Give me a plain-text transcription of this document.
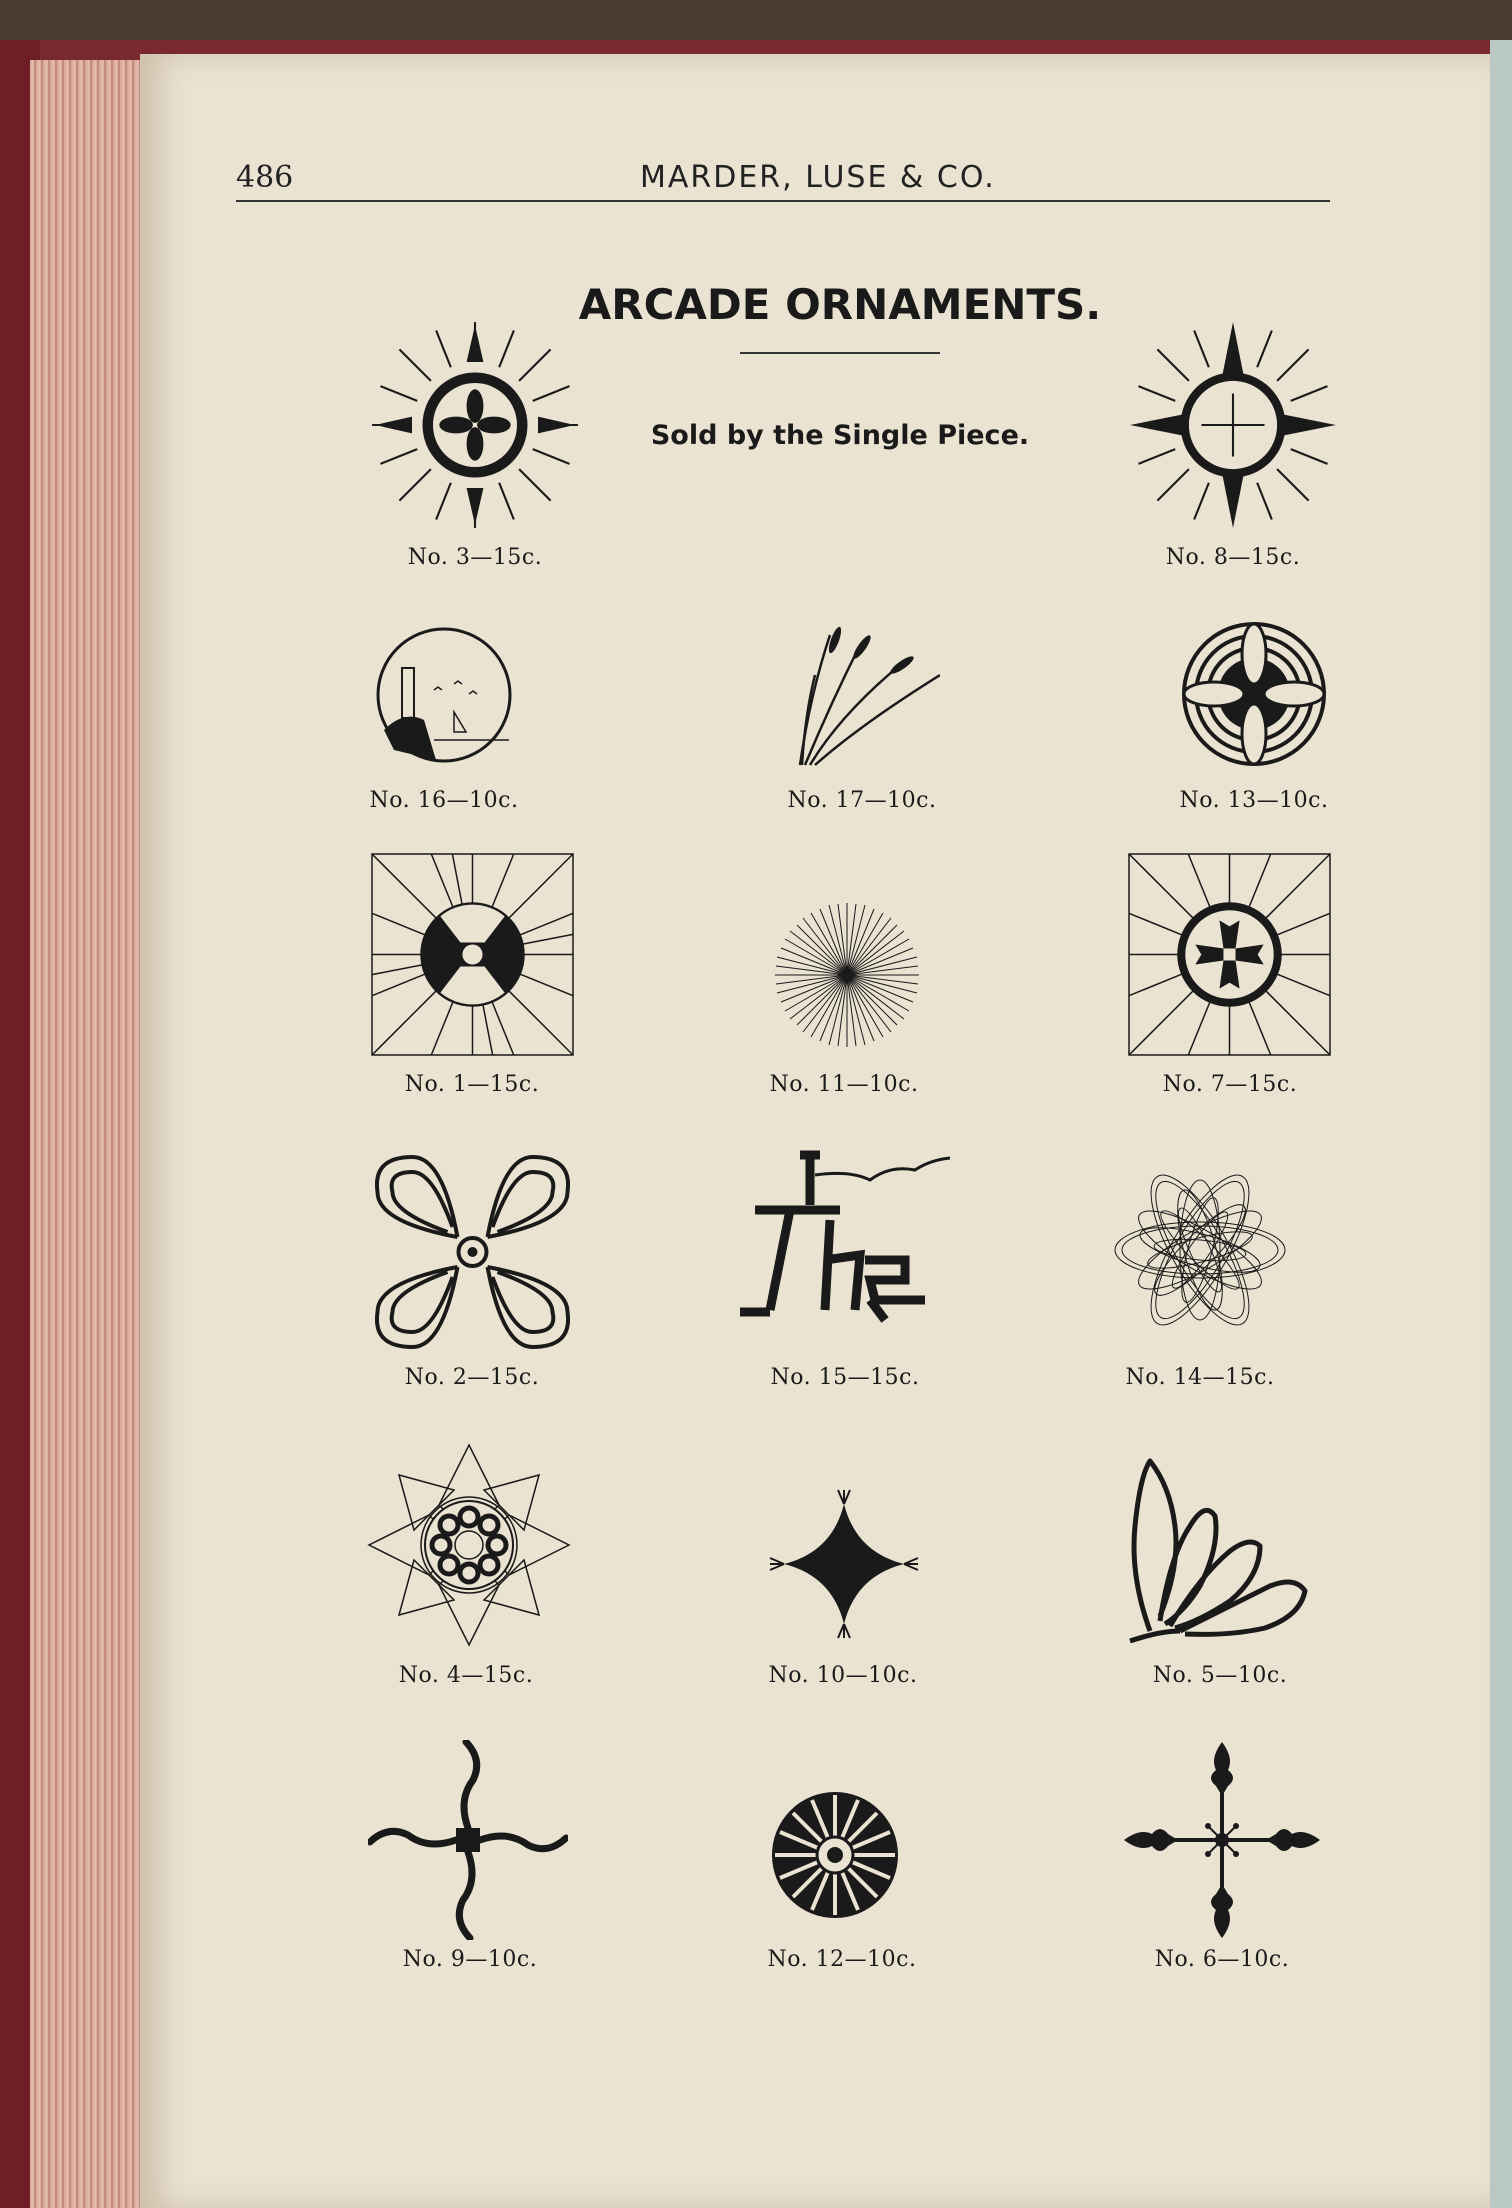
486	MARDER, LUSE & CO.
ARCADE ORNAMENTS.
Sold by the Single Piece.
No. 3—15c.	No. 8—15c.
No. 16—10c.	No. 17—10c.	No. 13—10c.
No. 1—15c.	No. 11—10c.	No. 7—15c.
No. 2—15c.	No. 15—15c.	No. 14—15c.
No. 4—15c.	No. 10—10c.	No. 5—10c.
No. 9—10c.	No. 12—10c.	No. 6—10c.
